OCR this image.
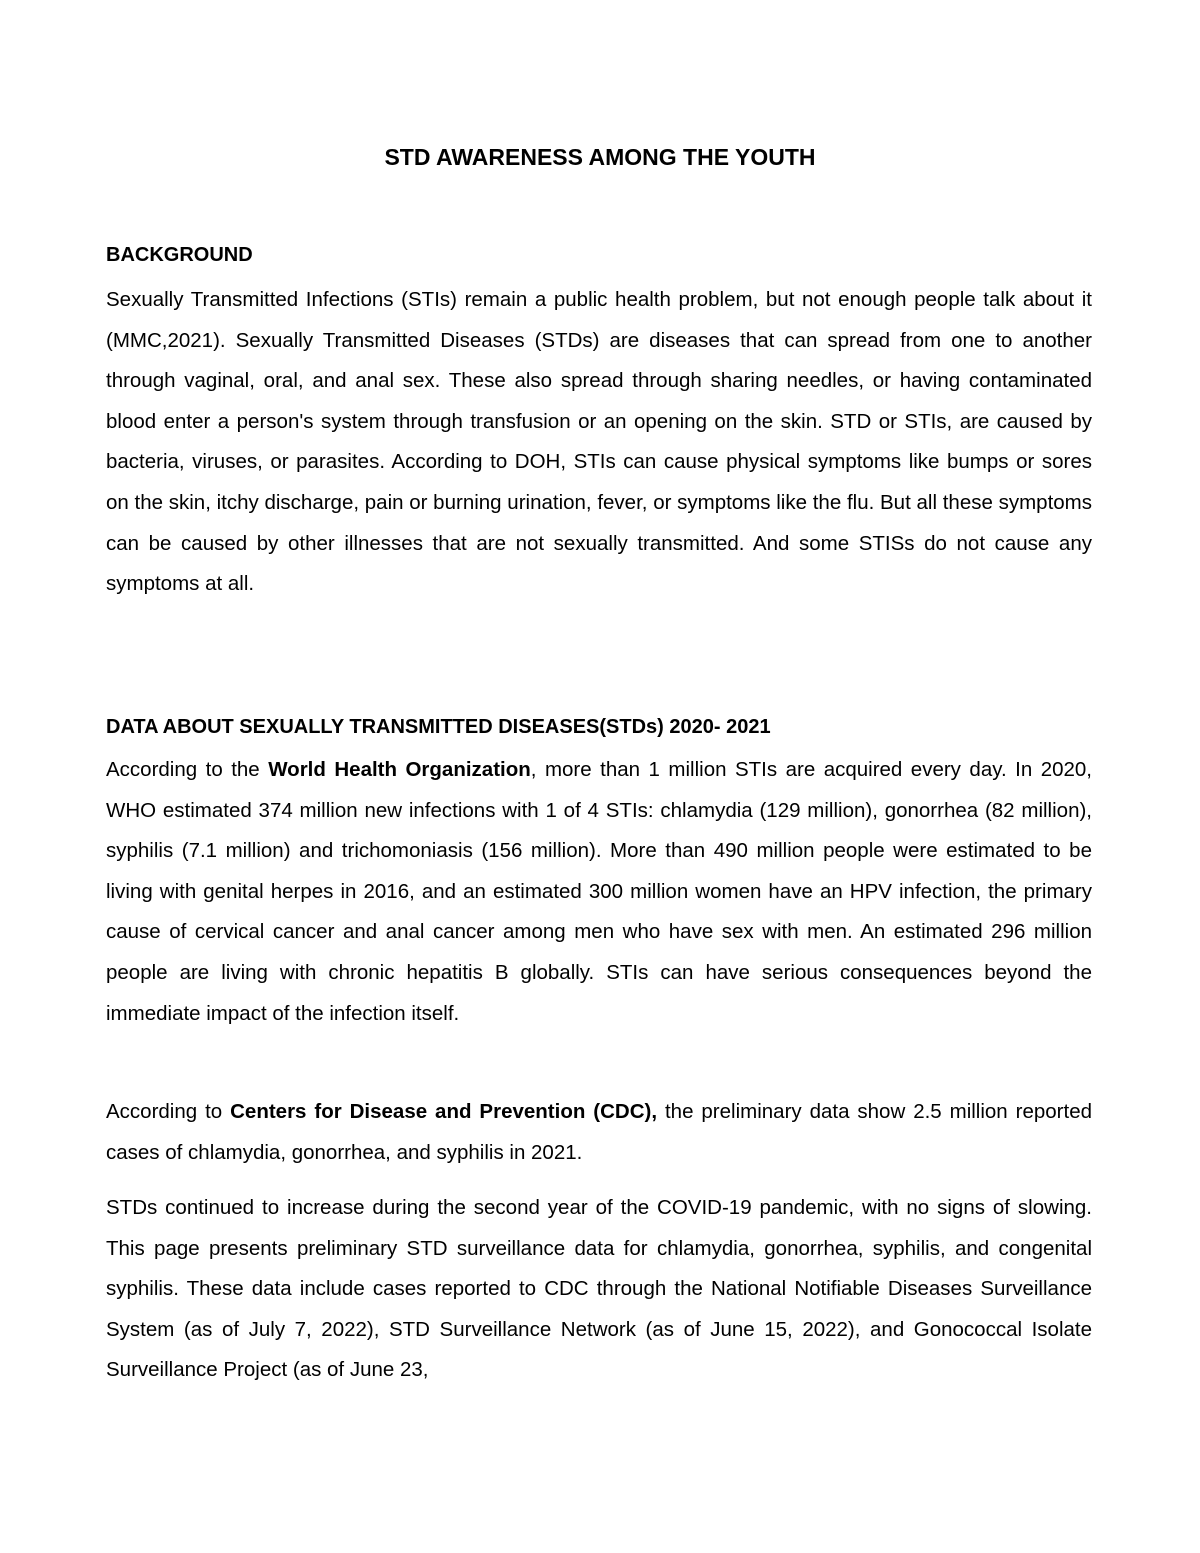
STD AWARENESS AMONG THE YOUTH
BACKGROUND

Sexually Transmitted Infections (STIs) remain a public health problem, but not enough people talk about it (MMC,2021). Sexually Transmitted Diseases (STDs) are diseases that can spread from one to another through vaginal, oral, and anal sex. These also spread through sharing needles, or having contaminated blood enter a person's system through transfusion or an opening on the skin. STD or STIs, are caused by bacteria, viruses, or parasites. According to DOH, STIs can cause physical symptoms like bumps or sores on the skin, itchy discharge, pain or burning urination, fever, or symptoms like the flu. But all these symptoms can be caused by other illnesses that are not sexually transmitted. And some STISs do not cause any symptoms at all.

DATA ABOUT SEXUALLY TRANSMITTED DISEASES(STDs) 2020- 2021

According to the World Health Organization, more than 1 million STIs are acquired every day. In 2020, WHO estimated 374 million new infections with 1 of 4 STIs: chlamydia (129 million), gonorrhea (82 million), syphilis (7.1 million) and trichomoniasis (156 million). More than 490 million people were estimated to be living with genital herpes in 2016, and an estimated 300 million women have an HPV infection, the primary cause of cervical cancer and anal cancer among men who have sex with men. An estimated 296 million people are living with chronic hepatitis B globally. STIs can have serious consequences beyond the immediate impact of the infection itself.

According to Centers for Disease and Prevention (CDC), the preliminary data show 2.5 million reported cases of chlamydia, gonorrhea, and syphilis in 2021.

STDs continued to increase during the second year of the COVID-19 pandemic, with no signs of slowing. This page presents preliminary STD surveillance data for chlamydia, gonorrhea, syphilis, and congenital syphilis. These data include cases reported to CDC through the National Notifiable Diseases Surveillance System (as of July 7, 2022), STD Surveillance Network (as of June 15, 2022), and Gonococcal Isolate Surveillance Project (as of June 23,
